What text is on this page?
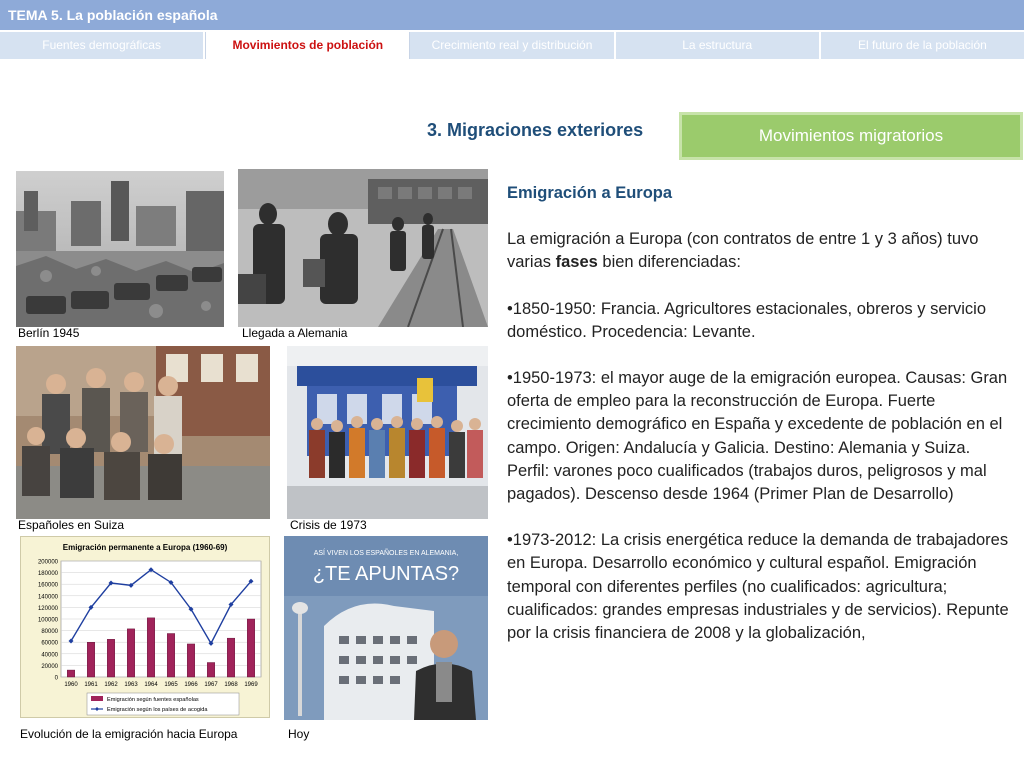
TEMA 5. La población española
Fuentes demográficas	Movimientos de población	Crecimiento real y distribución	La estructura	El futuro de la población
3. Migraciones exteriores	Movimientos migratorios
Berlín 1945	Llegada a Alemania
Españoles en Suiza	Crisis de 1973
Emigración permanente a Europa (1960-69)
200000
180000
160000
140000
120000
100000
80000
60000
40000
20000
0
1960 1961 1962 1963 1964 1965 1966 1967 1968 1969
Emigración según fuentes españolas
Emigración según los países de acogida
Evolución de la emigración hacia Europa
ASÍ VIVEN LOS ESPAÑOLES EN ALEMANIA,
¿TE APUNTAS?
Hoy

Emigración a Europa

La emigración a Europa (con contratos de entre 1 y 3 años) tuvo varias fases bien diferenciadas:

•1850-1950: Francia. Agricultores estacionales, obreros y servicio doméstico. Procedencia: Levante.

•1950-1973: el mayor auge de la emigración europea. Causas: Gran oferta de empleo para la reconstrucción de Europa. Fuerte crecimiento demográfico en España y excedente de población en el campo. Origen: Andalucía y Galicia. Destino: Alemania y Suiza. Perfil: varones poco cualificados (trabajos duros, peligrosos y mal pagados). Descenso desde 1964 (Primer Plan de Desarrollo)

•1973-2012: La crisis energética reduce la demanda de trabajadores en Europa. Desarrollo económico y cultural español. Emigración temporal con diferentes perfiles (no cualificados: agricultura; cualificados: grandes empresas industriales y de servicios). Repunte por la crisis financiera de 2008 y la globalización,
